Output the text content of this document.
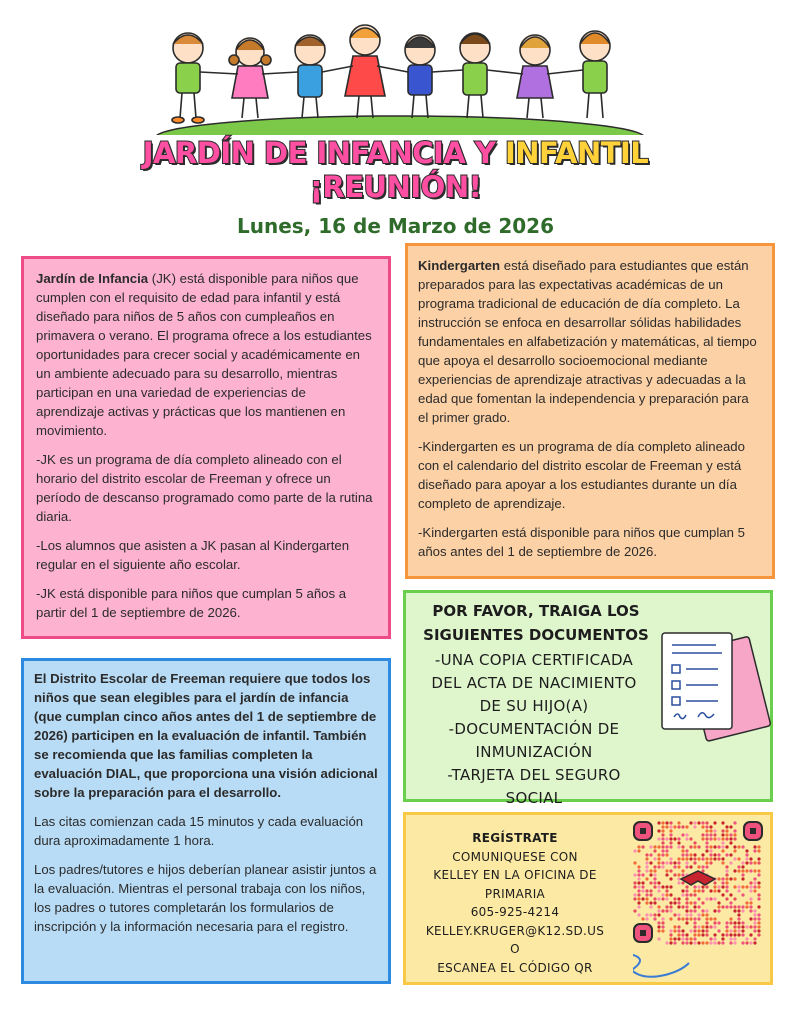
JARDÍN DE INFANCIA Y INFANTIL
¡REUNIÓN!
Lunes, 16 de Marzo de 2026

Jardín de Infancia (JK) está disponible para niños que cumplen con el requisito de edad para infantil y está diseñado para niños de 5 años con cumpleaños en primavera o verano. El programa ofrece a los estudiantes oportunidades para crecer social y académicamente en un ambiente adecuado para su desarrollo, mientras participan en una variedad de experiencias de aprendizaje activas y prácticas que los mantienen en movimiento.

-JK es un programa de día completo alineado con el horario del distrito escolar de Freeman y ofrece un período de descanso programado como parte de la rutina diaria.

-Los alumnos que asisten a JK pasan al Kindergarten regular en el siguiente año escolar.

-JK está disponible para niños que cumplan 5 años a partir del 1 de septiembre de 2026.

Kindergarten está diseñado para estudiantes que están preparados para las expectativas académicas de un programa tradicional de educación de día completo. La instrucción se enfoca en desarrollar sólidas habilidades fundamentales en alfabetización y matemáticas, al tiempo que apoya el desarrollo socioemocional mediante experiencias de aprendizaje atractivas y adecuadas a la edad que fomentan la independencia y preparación para el primer grado.

-Kindergarten es un programa de día completo alineado con el calendario del distrito escolar de Freeman y está diseñado para apoyar a los estudiantes durante un día completo de aprendizaje.

-Kindergarten está disponible para niños que cumplan 5 años antes del 1 de septiembre de 2026.

El Distrito Escolar de Freeman requiere que todos los niños que sean elegibles para el jardín de infancia (que cumplan cinco años antes del 1 de septiembre de 2026) participen en la evaluación de infantil. También se recomienda que las familias completen la evaluación DIAL, que proporciona una visión adicional sobre la preparación para el desarrollo.

Las citas comienzan cada 15 minutos y cada evaluación dura aproximadamente 1 hora.

Los padres/tutores e hijos deberían planear asistir juntos a la evaluación. Mientras el personal trabaja con los niños, los padres o tutores completarán los formularios de inscripción y la información necesaria para el registro.

POR FAVOR, TRAIGA LOS SIGUIENTES DOCUMENTOS
-UNA COPIA CERTIFICADA
DEL ACTA DE NACIMIENTO
DE SU HIJO(A)
-DOCUMENTACIÓN DE
INMUNIZACIÓN
-TARJETA DEL SEGURO
SOCIAL
REGÍSTRATE
COMUNIQUESE CON
KELLEY EN LA OFICINA DE
PRIMARIA
605-925-4214
KELLEY.KRUGER@K12.SD.US
O
ESCANEA EL CÓDIGO QR
